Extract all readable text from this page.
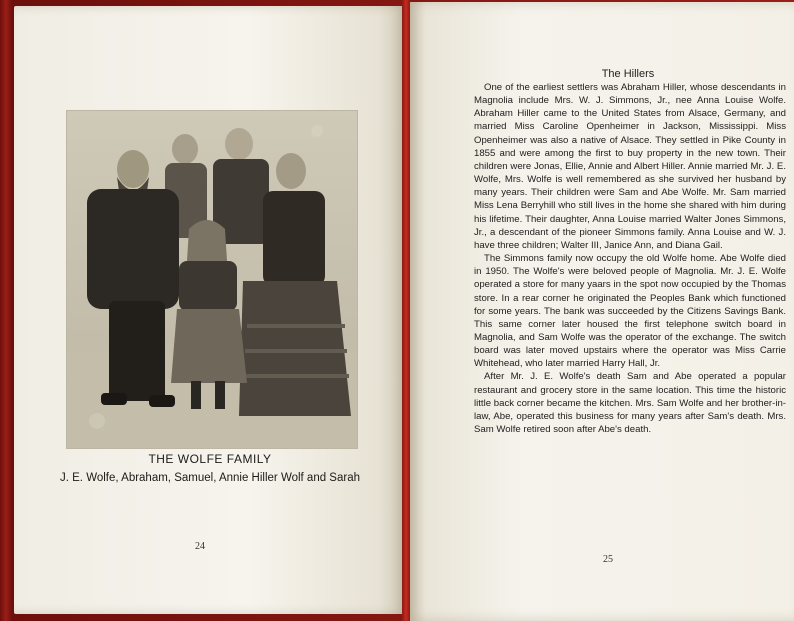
THE WOLFE FAMILY
J. E. Wolfe, Abraham, Samuel, Annie Hiller Wolf and Sarah
24
The Hillers

One of the earliest settlers was Abraham Hiller, whose descendants in Magnolia include Mrs. W. J. Simmons, Jr., nee Anna Louise Wolfe. Abraham Hiller came to the United States from Alsace, Germany, and married Miss Caroline Openheimer in Jackson, Mississippi. Miss Openheimer was also a native of Alsace. They settled in Pike County in 1855 and were among the first to buy property in the new town. Their children were Jonas, Ellie, Annie and Albert Hiller. Annie married Mr. J. E. Wolfe, Mrs. Wolfe is well remembered as she survived her husband by many years. Their children were Sam and Abe Wolfe. Mr. Sam married Miss Lena Berryhill who still lives in the home she shared with him during his lifetime. Their daughter, Anna Louise married Walter Jones Simmons, Jr., a descendant of the pioneer Simmons family. Anna Louise and W. J. have three children; Walter III, Janice Ann, and Diana Gail.

The Simmons family now occupy the old Wolfe home. Abe Wolfe died in 1950. The Wolfe's were beloved people of Magnolia. Mr. J. E. Wolfe operated a store for many yaars in the spot now occupied by the Thomas store. In a rear corner he originated the Peoples Bank which functioned for some years. The bank was succeeded by the Citizens Savings Bank. This same corner later housed the first telephone switch board in Magnolia, and Sam Wolfe was the operator of the exchange. The switch board was later moved upstairs where the operator was Miss Carrie Whitehead, who later married Harry Hall, Jr.

After Mr. J. E. Wolfe's death Sam and Abe operated a popular restaurant and grocery store in the same location. This time the historic little back corner became the kitchen. Mrs. Sam Wolfe and her brother-in-law, Abe, operated this business for many years after Sam's death. Mrs. Sam Wolfe retired soon after Abe's death.

25
